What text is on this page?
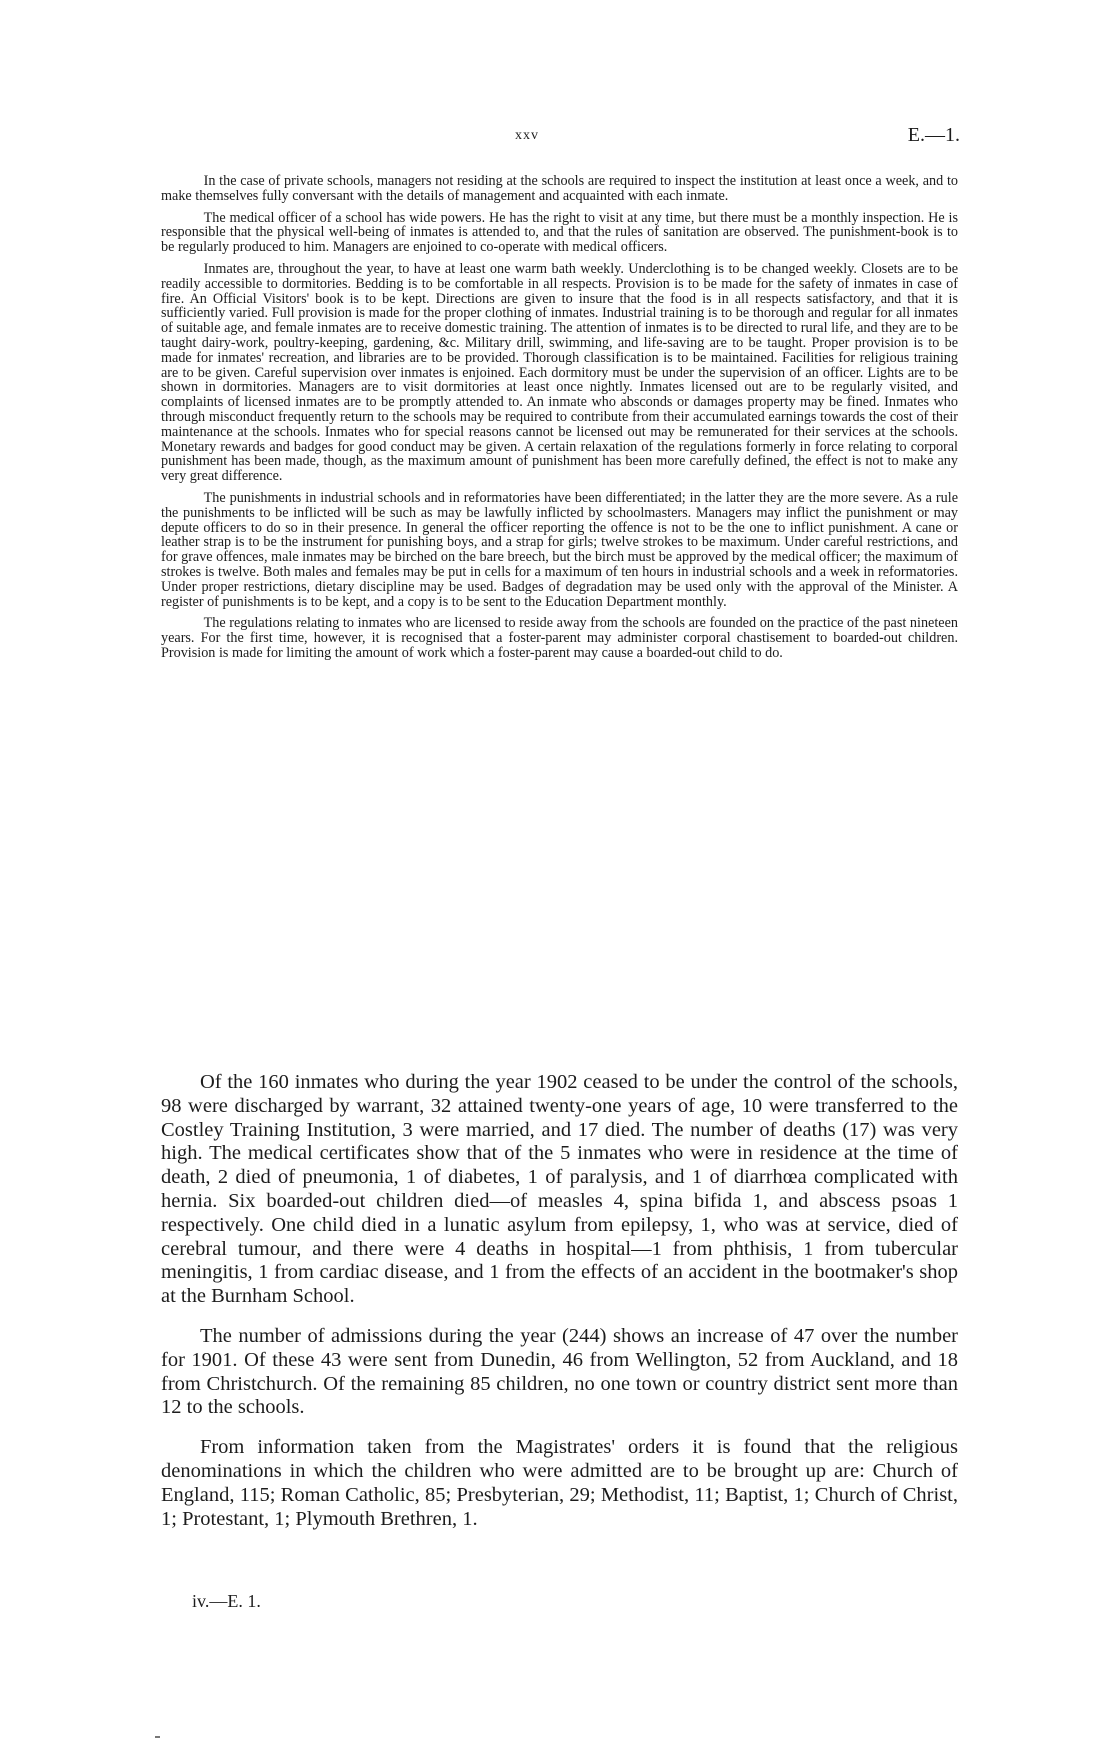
xxv	E.—1.

In the case of private schools, managers not residing at the schools are required to inspect the institution at least once a week, and to make themselves fully conversant with the details of management and acquainted with each inmate.

The medical officer of a school has wide powers. He has the right to visit at any time, but there must be a monthly inspection. He is responsible that the physical well-being of inmates is attended to, and that the rules of sanitation are observed. The punishment-book is to be regularly produced to him. Managers are enjoined to co-operate with medical officers.

Inmates are, throughout the year, to have at least one warm bath weekly. Underclothing is to be changed weekly. Closets are to be readily accessible to dormitories. Bedding is to be comfortable in all respects. Provision is to be made for the safety of inmates in case of fire. An Official Visitors' book is to be kept. Directions are given to insure that the food is in all respects satisfactory, and that it is sufficiently varied. Full provision is made for the proper clothing of inmates. Industrial training is to be thorough and regular for all inmates of suitable age, and female inmates are to receive domestic training. The attention of inmates is to be directed to rural life, and they are to be taught dairy-work, poultry-keeping, gardening, &c. Military drill, swimming, and life-saving are to be taught. Proper provision is to be made for inmates' recreation, and libraries are to be provided. Thorough classification is to be maintained. Facilities for religious training are to be given. Careful supervision over inmates is enjoined. Each dormitory must be under the supervision of an officer. Lights are to be shown in dormitories. Managers are to visit dormitories at least once nightly. Inmates licensed out are to be regularly visited, and complaints of licensed inmates are to be promptly attended to. An inmate who absconds or damages property may be fined. Inmates who through misconduct frequently return to the schools may be required to contribute from their accumulated earnings towards the cost of their maintenance at the schools. Inmates who for special reasons cannot be licensed out may be remunerated for their services at the schools. Monetary rewards and badges for good conduct may be given. A certain relaxation of the regulations formerly in force relating to corporal punishment has been made, though, as the maximum amount of punishment has been more carefully defined, the effect is not to make any very great difference.

The punishments in industrial schools and in reformatories have been differentiated; in the latter they are the more severe. As a rule the punishments to be inflicted will be such as may be lawfully inflicted by schoolmasters. Managers may inflict the punishment or may depute officers to do so in their presence. In general the officer reporting the offence is not to be the one to inflict punishment. A cane or leather strap is to be the instrument for punishing boys, and a strap for girls; twelve strokes to be maximum. Under careful restrictions, and for grave offences, male inmates may be birched on the bare breech, but the birch must be approved by the medical officer; the maximum of strokes is twelve. Both males and females may be put in cells for a maximum of ten hours in industrial schools and a week in reformatories. Under proper restrictions, dietary discipline may be used. Badges of degradation may be used only with the approval of the Minister. A register of punishments is to be kept, and a copy is to be sent to the Education Department monthly.

The regulations relating to inmates who are licensed to reside away from the schools are founded on the practice of the past nineteen years. For the first time, however, it is recognised that a foster-parent may administer corporal chastisement to boarded-out children. Provision is made for limiting the amount of work which a foster-parent may cause a boarded-out child to do.

Of the 160 inmates who during the year 1902 ceased to be under the control of the schools, 98 were discharged by warrant, 32 attained twenty-one years of age, 10 were transferred to the Costley Training Institution, 3 were married, and 17 died. The number of deaths (17) was very high. The medical certificates show that of the 5 inmates who were in residence at the time of death, 2 died of pneumonia, 1 of diabetes, 1 of paralysis, and 1 of diarrhœa complicated with hernia. Six boarded-out children died—of measles 4, spina bifida 1, and abscess psoas 1 respectively. One child died in a lunatic asylum from epilepsy, 1, who was at service, died of cerebral tumour, and there were 4 deaths in hospital—1 from phthisis, 1 from tubercular meningitis, 1 from cardiac disease, and 1 from the effects of an accident in the bootmaker's shop at the Burnham School.

The number of admissions during the year (244) shows an increase of 47 over the number for 1901. Of these 43 were sent from Dunedin, 46 from Wellington, 52 from Auckland, and 18 from Christchurch. Of the remaining 85 children, no one town or country district sent more than 12 to the schools.

From information taken from the Magistrates' orders it is found that the religious denominations in which the children who were admitted are to be brought up are: Church of England, 115; Roman Catholic, 85; Presbyterian, 29; Methodist, 11; Baptist, 1; Church of Christ, 1; Protestant, 1; Plymouth Brethren, 1.

iv.—E. 1.
